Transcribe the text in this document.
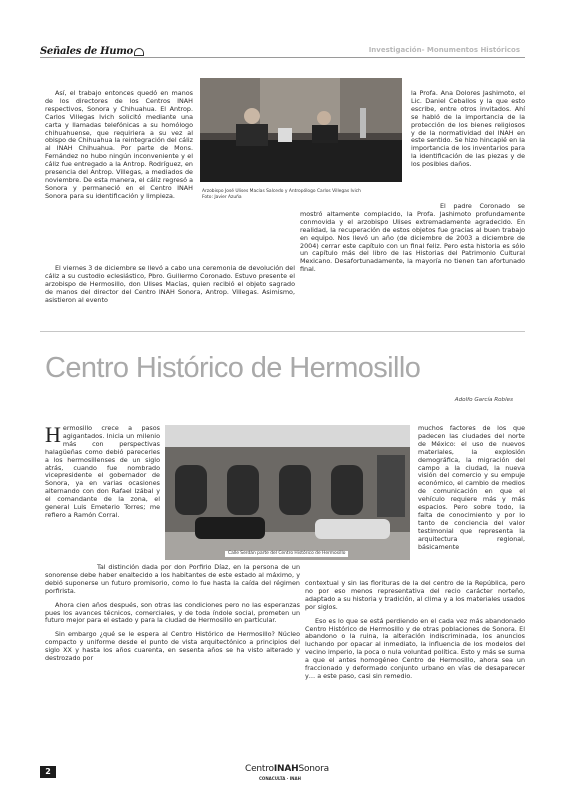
Señales de Humo	Investigación- Monumentos Históricos
Arzobispo José Ulises Macías Salcedo y Antropólogo Carlos Villegas Ivich
Foto: Javier Azuña

Así, el trabajo entonces quedó en manos de los directores de los Centros INAH respectivos, Sonora y Chihuahua. El Antrop. Carlos Villegas Ivich solicitó mediante una carta y llamadas telefónicas a su homólogo chihuahuense, que requiriera a su vez al obispo de Chihuahua la reintegración del cáliz al INAH Chihuahua. Por parte de Mons. Fernández no hubo ningún inconveniente y el cáliz fue entregado a la Antrop. Rodríguez, en presencia del Antrop. Villegas, a mediados de noviembre. De esta manera, el cáliz regresó a Sonora y permaneció en el Centro INAH Sonora para su identificación y limpieza.

El viernes 3 de diciembre se llevó a cabo una ceremonia de devolución del cáliz a su custodio eclesiástico, Pbro. Guillermo Coronado. Estuvo presente el arzobispo de Hermosillo, don Ulises Macías, quien recibió el objeto sagrado de manos del director del Centro INAH Sonora, Antrop. Villegas. Asimismo, asistieron al evento

la Profa. Ana Dolores Jashimoto, el Lic. Daniel Ceballos y la que esto escribe, entre otros invitados. Ahí se habló de la importancia de la protección de los bienes religiosos y de la normatividad del INAH en este sentido. Se hizo hincapié en la importancia de los inventarios para la identificación de las piezas y de los posibles daños.

El padre Coronado se mostró altamente complacido, la Profa. Jashimoto profundamente conmovida y el arzobispo Ulises extremadamente agradecido. En realidad, la recuperación de estos objetos fue gracias al buen trabajo en equipo. Nos llevó un año (de diciembre de 2003 a diciembre de 2004) cerrar este capítulo con un final feliz. Pero esta historia es sólo un capítulo más del libro de las Historias del Patrimonio Cultural Mexicano. Desafortunadamente, la mayoría no tienen tan afortunado final.

Centro Histórico de Hermosillo
Adolfo García Robles
Calle Serdán parte del Centro Histórico de Hermosillo

Hermosillo crece a pasos agigantados. Inicia un milenio más con perspectivas halagüeñas como debió parecerles a los hermosillenses de un siglo atrás, cuando fue nombrado vicepresidente el gobernador de Sonora, ya en varias ocasiones alternando con don Rafael Izábal y el comandante de la zona, el general Luis Emeterio Torres; me refiero a Ramón Corral.

Tal distinción dada por don Porfirio Díaz, en la persona de un sonorense debe haber enaltecido a los habitantes de este estado al máximo, y debió suponerse un futuro promisorio, como lo fue hasta la caída del régimen porfirista.

Ahora cien años después, son otras las condiciones pero no las esperanzas pues los avances técnicos, comerciales, y de toda índole social, prometen un futuro mejor para el estado y para la ciudad de Hermosillo en particular.

Sin embargo ¿qué se le espera al Centro Histórico de Hermosillo? Núcleo compacto y uniforme desde el punto de vista arquitectónico a principios del siglo XX y hasta los años cuarenta, en sesenta años se ha visto alterado y destrozado por

muchos factores de los que padecen las ciudades del norte de México: el uso de nuevos materiales, la explosión demográfica, la migración del campo a la ciudad, la nueva visión del comercio y su empuje económico, el cambio de medios de comunicación en que el vehículo requiere más y más espacios. Pero sobre todo, la falta de conocimiento y por lo tanto de conciencia del valor testimonial que representa la arquitectura regional, básicamente

contextual y sin las florituras de la del centro de la República, pero no por eso menos representativa del recio carácter norteño, adaptado a su historia y tradición, al clima y a los materiales usados por siglos.

Eso es lo que se está perdiendo en el cada vez más abandonado Centro Histórico de Hermosillo y de otras poblaciones de Sonora. El abandono o la ruina, la alteración indiscriminada, los anuncios luchando por opacar al inmediato, la influencia de los modelos del vecino imperio, la poca o nula voluntad política. Esto y más se suma a que el antes homogéneo Centro de Hermosillo, ahora sea un fraccionado y deformado conjunto urbano en vías de desaparecer y… a este paso, casi sin remedio.

2	CentroINAHSonora
CONACULTA · INAH
